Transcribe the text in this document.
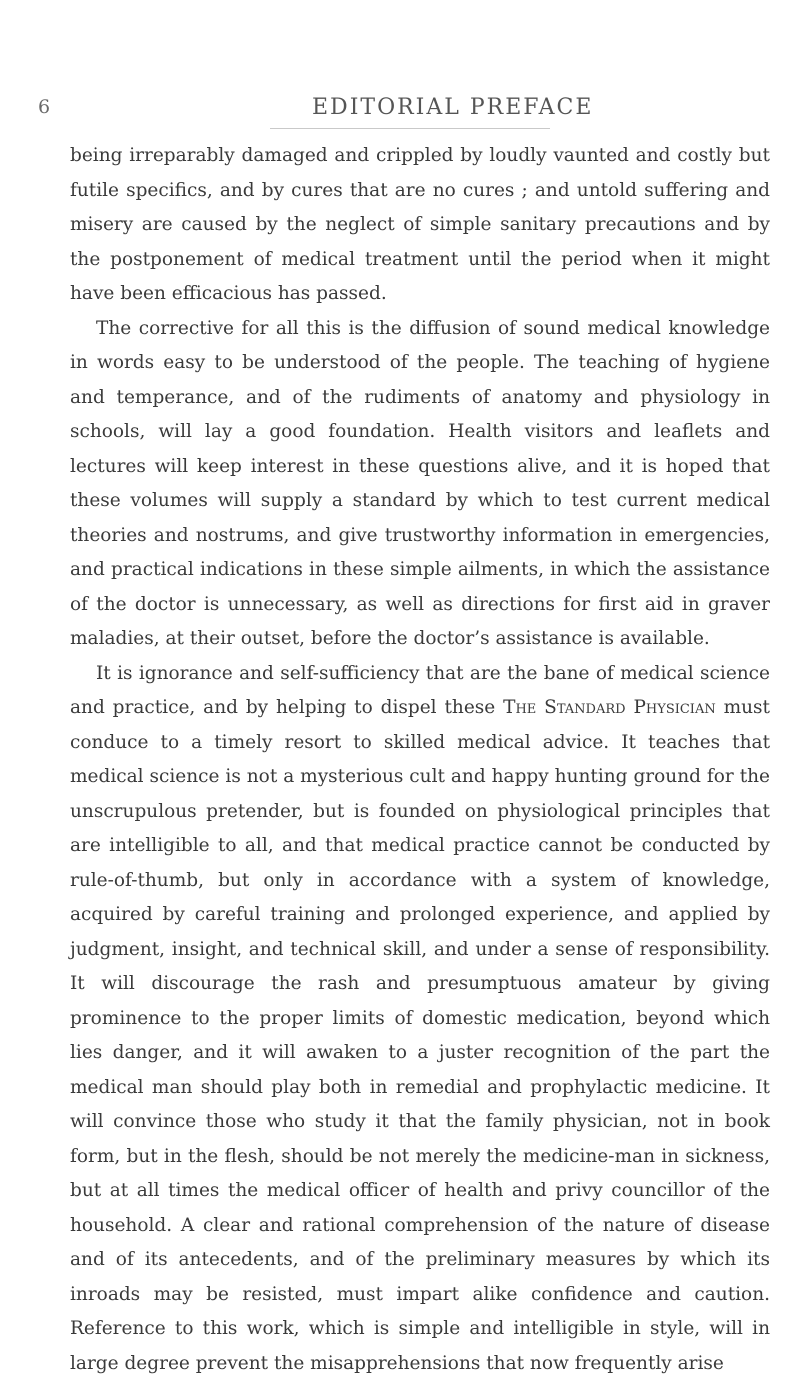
6	EDITORIAL PREFACE

being irreparably damaged and crippled by loudly vaunted and costly but futile specifics, and by cures that are no cures ; and untold suffering and misery are caused by the neglect of simple sanitary precautions and by the postponement of medical treatment until the period when it might have been efficacious has passed.

The corrective for all this is the diffusion of sound medical knowledge in words easy to be understood of the people. The teaching of hygiene and temperance, and of the rudiments of anatomy and physiology in schools, will lay a good foundation. Health visitors and leaflets and lectures will keep interest in these questions alive, and it is hoped that these volumes will supply a standard by which to test current medical theories and nostrums, and give trustworthy information in emergencies, and practical indications in these simple ailments, in which the assistance of the doctor is unnecessary, as well as directions for first aid in graver maladies, at their outset, before the doctor’s assistance is available.

It is ignorance and self-sufficiency that are the bane of medical science and practice, and by helping to dispel these The Standard Physician must conduce to a timely resort to skilled medical advice. It teaches that medical science is not a mysterious cult and happy hunting ground for the unscrupulous pretender, but is founded on physiological principles that are intelligible to all, and that medical practice cannot be conducted by rule-of-thumb, but only in accordance with a system of knowledge, acquired by careful training and prolonged experience, and applied by judgment, insight, and technical skill, and under a sense of responsibility. It will discourage the rash and presumptuous amateur by giving prominence to the proper limits of domestic medication, beyond which lies danger, and it will awaken to a juster recognition of the part the medical man should play both in remedial and prophylactic medicine. It will convince those who study it that the family physician, not in book form, but in the flesh, should be not merely the medicine-man in sickness, but at all times the medical officer of health and privy councillor of the household. A clear and rational comprehension of the nature of disease and of its antecedents, and of the preliminary measures by which its inroads may be resisted, must impart alike confidence and caution. Reference to this work, which is simple and intelligible in style, will in large degree prevent the misapprehensions that now frequently arise
